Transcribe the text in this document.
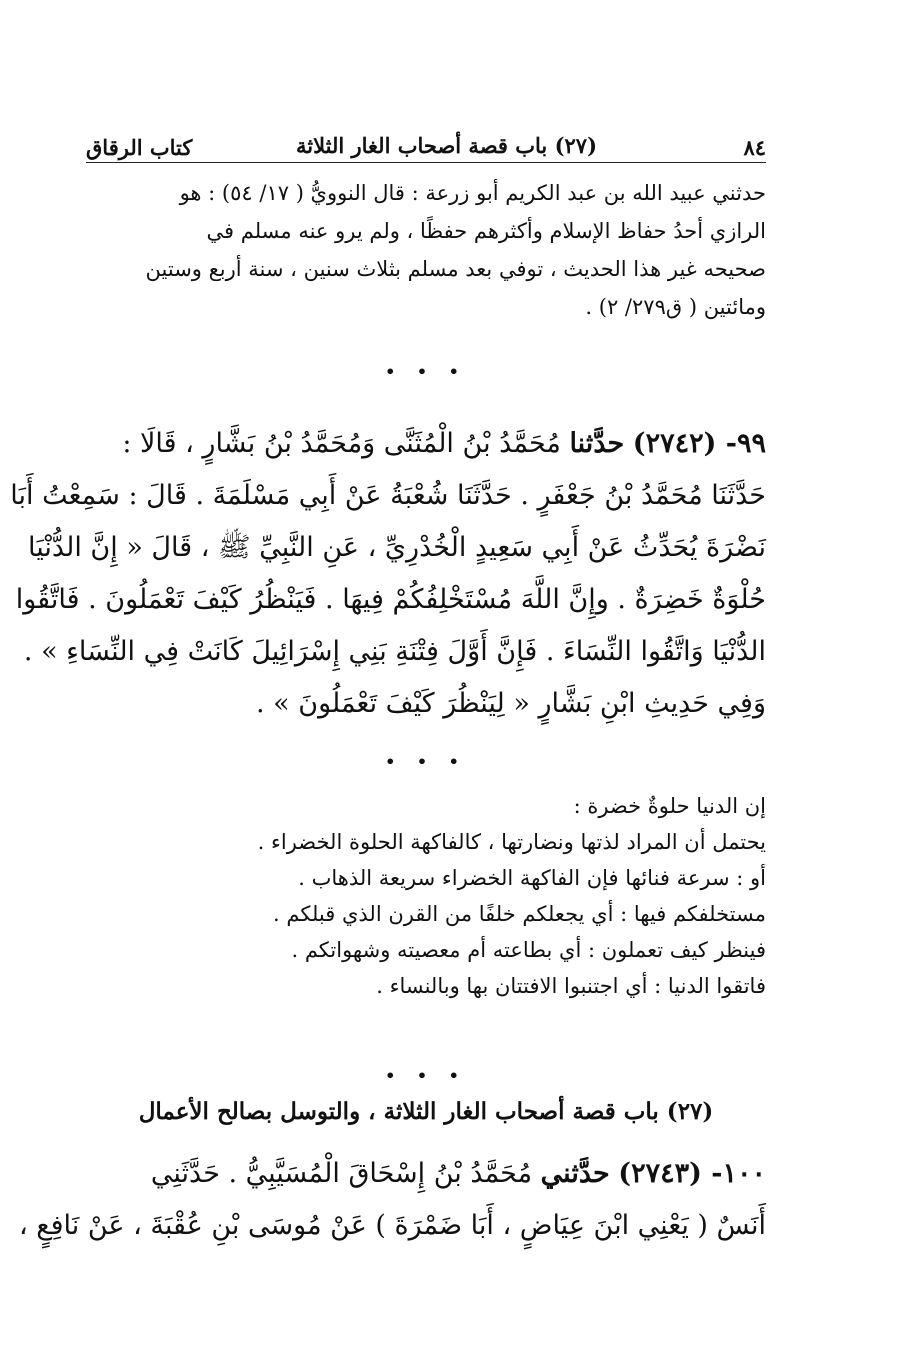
٨٤
(٢٧) باب قصة أصحاب الغار الثلاثة
كتاب الرقاق
حدثني عبيد الله بن عبد الكريم أبو زرعة : قال النوويُّ ( ١٧/ ٥٤) : هو
الرازي أحدُ حفاظ الإسلام وأكثرهم حفظًا ، ولم يرو عنه مسلم في
صحيحه غير هذا الحديث ، توفي بعد مسلم بثلاث سنين ، سنة أربع وستين
ومائتين ( ق٢٧٩/ ٢) .
• • •
٩٩- (٢٧٤٢) حدَّثنا مُحَمَّدُ بْنُ الْمُثَنَّى وَمُحَمَّدُ بْنُ بَشَّارٍ ، قَالَا :
حَدَّثَنَا مُحَمَّدُ بْنُ جَعْفَرٍ . حَدَّثَنَا شُعْبَةُ عَنْ أَبِي مَسْلَمَةَ . قَالَ : سَمِعْتُ أَبَا
نَضْرَةَ يُحَدِّثُ عَنْ أَبِي سَعِيدٍ الْخُدْرِيِّ ، عَنِ النَّبِيِّ ﷺ ، قَالَ « إِنَّ الدُّنْيَا
حُلْوَةٌ خَضِرَةٌ . وإِنَّ اللَّهَ مُسْتَخْلِفُكُمْ فِيهَا . فَيَنْظُرُ كَيْفَ تَعْمَلُونَ . فَاتَّقُوا
الدُّنْيَا وَاتَّقُوا النِّسَاءَ . فَإِنَّ أَوَّلَ فِتْنَةِ بَنِي إِسْرَائِيلَ كَانَتْ فِي النِّسَاءِ » .
وَفِي حَدِيثِ ابْنِ بَشَّارٍ « لِيَنْظُرَ كَيْفَ تَعْمَلُونَ » .
• • •
إن الدنيا حلوةٌ خضرة :
يحتمل أن المراد لذتها ونضارتها ، كالفاكهة الحلوة الخضراء .
أو : سرعة فنائها فإن الفاكهة الخضراء سريعة الذهاب .
مستخلفكم فيها : أي يجعلكم خلفًا من القرن الذي قبلكم .
فينظر كيف تعملون : أي بطاعته أم معصيته وشهواتكم .
فاتقوا الدنيا : أي اجتنبوا الافتتان بها وبالنساء .
• • •
(٢٧) باب قصة أصحاب الغار الثلاثة ، والتوسل بصالح الأعمال
١٠٠- (٢٧٤٣) حدَّثني مُحَمَّدُ بْنُ إِسْحَاقَ الْمُسَيَّبِيُّ . حَدَّثَنِي
أَنَسٌ ( يَعْنِي ابْنَ عِيَاضٍ ، أَبَا ضَمْرَةَ ) عَنْ مُوسَى بْنِ عُقْبَةَ ، عَنْ نَافِعٍ ،
